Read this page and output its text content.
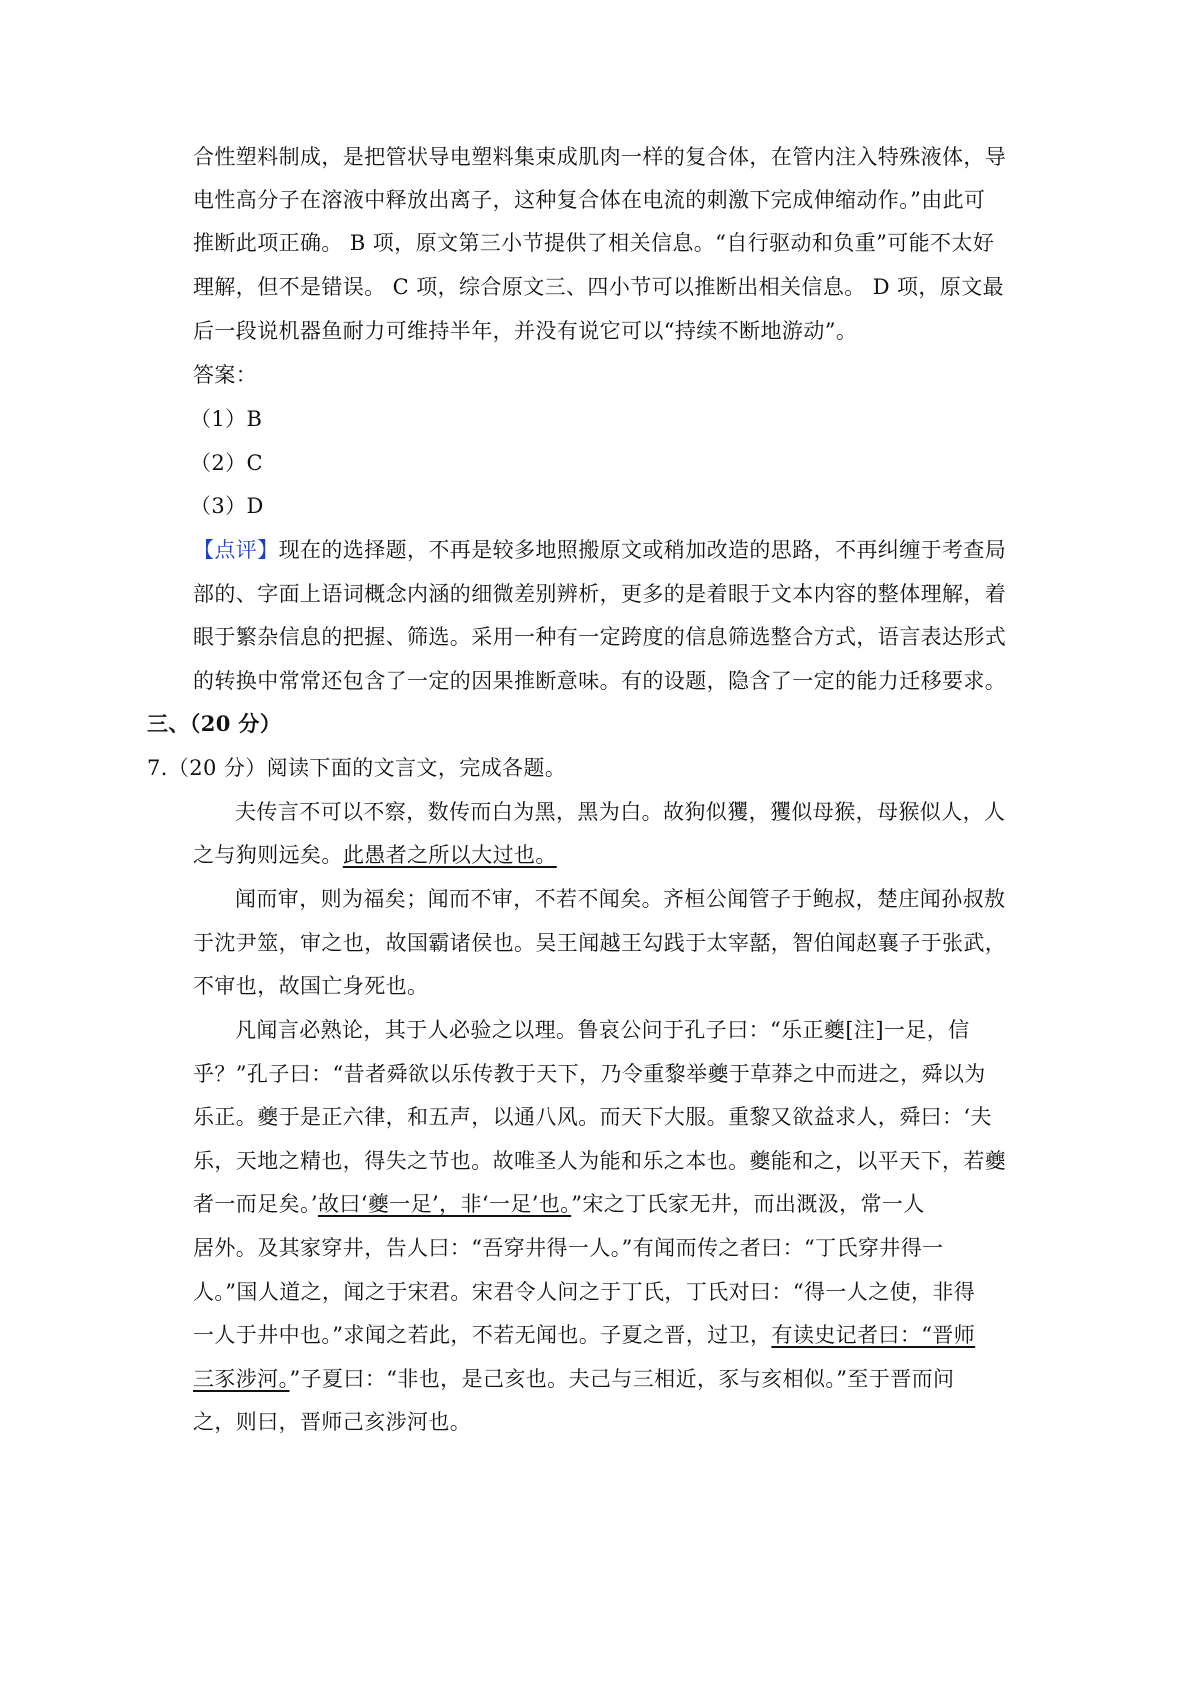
合性塑料制成，是把管状导电塑料集束成肌肉一样的复合体，在管内注入特殊液体，导
电性高分子在溶液中释放出离子，这种复合体在电流的刺激下完成伸缩动作。”由此可
推断此项正确。 B 项，原文第三小节提供了相关信息。“自行驱动和负重”可能不太好
理解，但不是错误。 C 项，综合原文三、四小节可以推断出相关信息。 D 项，原文最
后一段说机器鱼耐力可维持半年，并没有说它可以“持续不断地游动”。
答案：
（1）B
（2）C
（3）D
【点评】现在的选择题，不再是较多地照搬原文或稍加改造的思路，不再纠缠于考查局
部的、字面上语词概念内涵的细微差别辨析，更多的是着眼于文本内容的整体理解，着
眼于繁杂信息的把握、筛选。采用一种有一定跨度的信息筛选整合方式，语言表达形式
的转换中常常还包含了一定的因果推断意味。有的设题，隐含了一定的能力迁移要求。
三、（20 分）
7.（20 分）阅读下面的文言文，完成各题。
夫传言不可以不察，数传而白为黑，黑为白。故狗似玃，玃似母猴，母猴似人，人
之与狗则远矣。此愚者之所以大过也。
闻而审，则为福矣；闻而不审，不若不闻矣。齐桓公闻管子于鲍叔，楚庄闻孙叔敖
于沈尹筮，审之也，故国霸诸侯也。吴王闻越王勾践于太宰嚭，智伯闻赵襄子于张武，
不审也，故国亡身死也。
凡闻言必熟论，其于人必验之以理。鲁哀公问于孔子曰：“乐正夔[注]一足，信
乎？”孔子曰：“昔者舜欲以乐传教于天下，乃令重黎举夔于草莽之中而进之，舜以为
乐正。夔于是正六律，和五声，以通八风。而天下大服。重黎又欲益求人，舜曰：‘夫
乐，天地之精也，得失之节也。故唯圣人为能和乐之本也。夔能和之，以平天下，若夔
者一而足矣。’故曰‘夔一足’，非‘一足’也。”宋之丁氏家无井，而出溉汲，常一人
居外。及其家穿井，告人曰：“吾穿井得一人。”有闻而传之者曰：“丁氏穿井得一
人。”国人道之，闻之于宋君。宋君令人问之于丁氏，丁氏对曰：“得一人之使，非得
一人于井中也。”求闻之若此，不若无闻也。子夏之晋，过卫，有读史记者曰：“晋师
三豕涉河。”子夏曰：“非也，是己亥也。夫己与三相近，豕与亥相似。”至于晋而问
之，则曰，晋师己亥涉河也。
